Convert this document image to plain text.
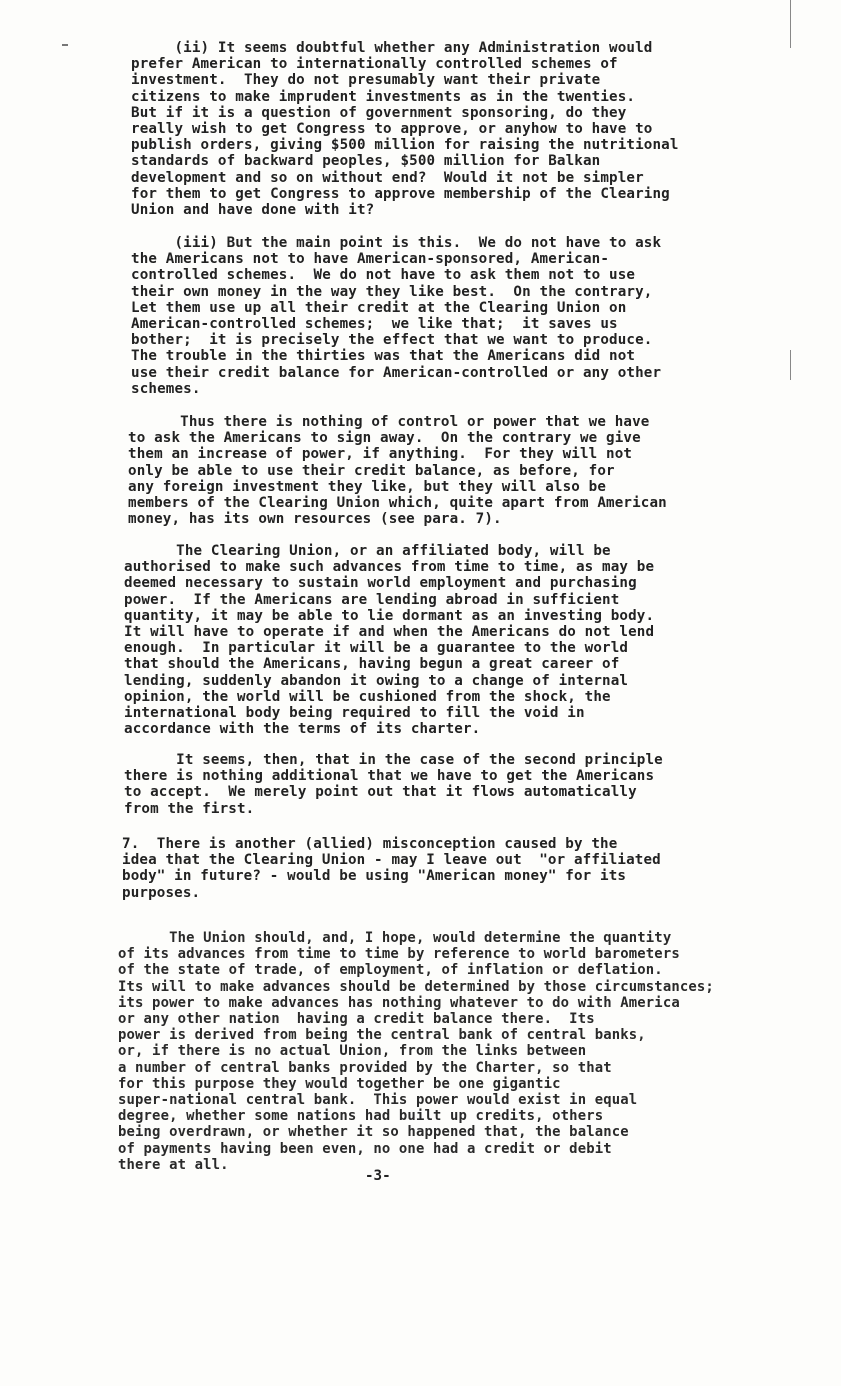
(ii) It seems doubtful whether any Administration would
prefer American to internationally controlled schemes of
investment.  They do not presumably want their private
citizens to make imprudent investments as in the twenties.
But if it is a question of government sponsoring, do they
really wish to get Congress to approve, or anyhow to have to
publish orders, giving $500 million for raising the nutritional
standards of backward peoples, $500 million for Balkan
development and so on without end?  Would it not be simpler
for them to get Congress to approve membership of the Clearing
Union and have done with it?

(iii) But the main point is this.  We do not have to ask
the Americans not to have American-sponsored, American-
controlled schemes.  We do not have to ask them not to use
their own money in the way they like best.  On the contrary,
Let them use up all their credit at the Clearing Union on
American-controlled schemes;  we like that;  it saves us
bother;  it is precisely the effect that we want to produce.
The trouble in the thirties was that the Americans did not
use their credit balance for American-controlled or any other
schemes.

Thus there is nothing of control or power that we have
to ask the Americans to sign away.  On the contrary we give
them an increase of power, if anything.  For they will not
only be able to use their credit balance, as before, for
any foreign investment they like, but they will also be
members of the Clearing Union which, quite apart from American
money, has its own resources (see para. 7).

The Clearing Union, or an affiliated body, will be
authorised to make such advances from time to time, as may be
deemed necessary to sustain world employment and purchasing
power.  If the Americans are lending abroad in sufficient
quantity, it may be able to lie dormant as an investing body.
It will have to operate if and when the Americans do not lend
enough.  In particular it will be a guarantee to the world
that should the Americans, having begun a great career of
lending, suddenly abandon it owing to a change of internal
opinion, the world will be cushioned from the shock, the
international body being required to fill the void in
accordance with the terms of its charter.

It seems, then, that in the case of the second principle
there is nothing additional that we have to get the Americans
to accept.  We merely point out that it flows automatically
from the first.

7.  There is another (allied) misconception caused by the
idea that the Clearing Union - may I leave out  "or affiliated
body" in future? - would be using "American money" for its
purposes.

The Union should, and, I hope, would determine the quantity
of its advances from time to time by reference to world barometers
of the state of trade, of employment, of inflation or deflation.
Its will to make advances should be determined by those circumstances;
its power to make advances has nothing whatever to do with America
or any other nation  having a credit balance there.  Its
power is derived from being the central bank of central banks,
or, if there is no actual Union, from the links between
a number of central banks provided by the Charter, so that
for this purpose they would together be one gigantic
super-national central bank.  This power would exist in equal
degree, whether some nations had built up credits, others
being overdrawn, or whether it so happened that, the balance
of payments having been even, no one had a credit or debit
there at all.

-3-
